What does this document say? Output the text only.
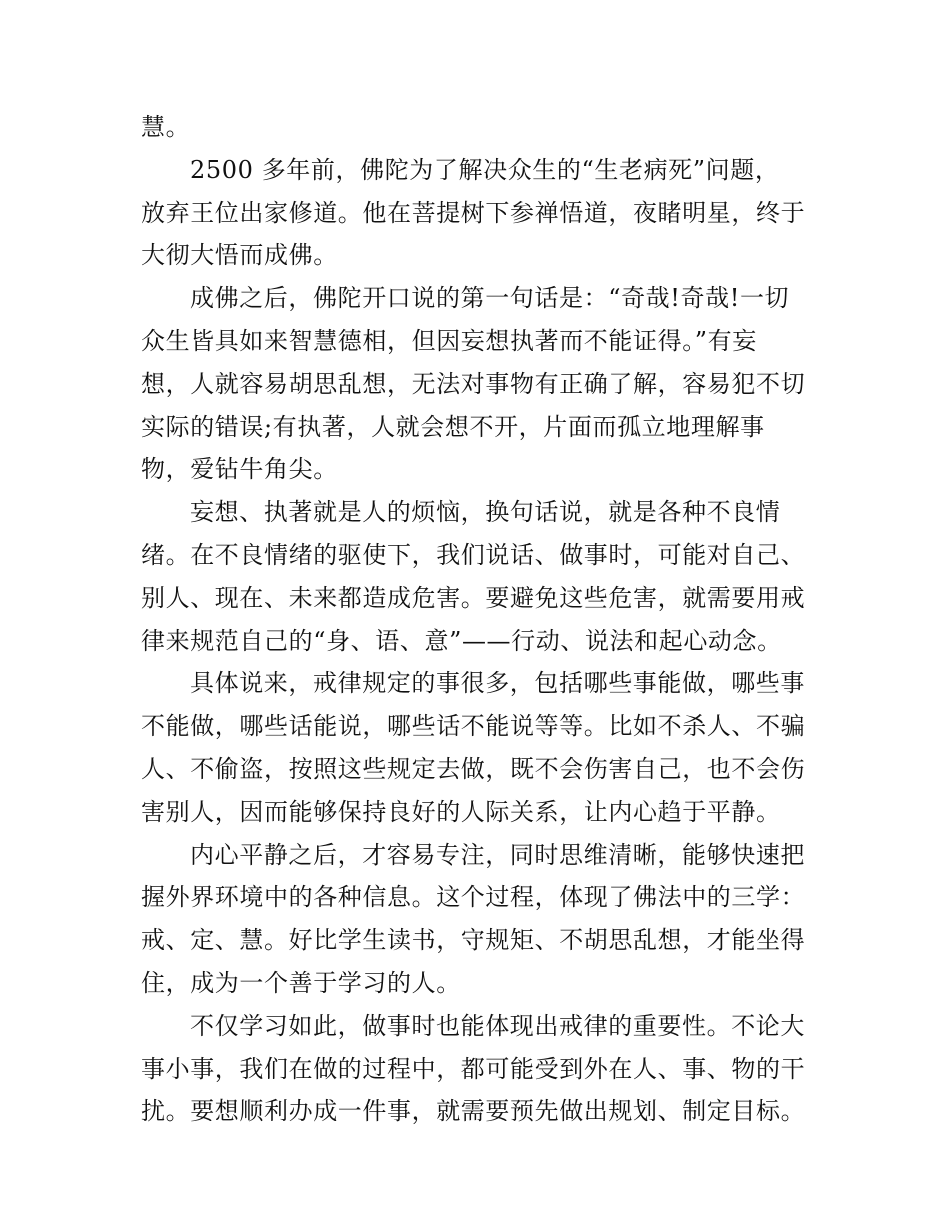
慧。
2500 多年前，佛陀为了解决众生的“生老病死”问题，
放弃王位出家修道。他在菩提树下参禅悟道，夜睹明星，终于
大彻大悟而成佛。
成佛之后，佛陀开口说的第一句话是：“奇哉!奇哉!一切
众生皆具如来智慧德相，但因妄想执著而不能证得。”有妄
想，人就容易胡思乱想，无法对事物有正确了解，容易犯不切
实际的错误;有执著，人就会想不开，片面而孤立地理解事
物，爱钻牛角尖。
妄想、执著就是人的烦恼，换句话说，就是各种不良情
绪。在不良情绪的驱使下，我们说话、做事时，可能对自己、
别人、现在、未来都造成危害。要避免这些危害，就需要用戒
律来规范自己的“身、语、意”——行动、说法和起心动念。
具体说来，戒律规定的事很多，包括哪些事能做，哪些事
不能做，哪些话能说，哪些话不能说等等。比如不杀人、不骗
人、不偷盗，按照这些规定去做，既不会伤害自己，也不会伤
害别人，因而能够保持良好的人际关系，让内心趋于平静。
内心平静之后，才容易专注，同时思维清晰，能够快速把
握外界环境中的各种信息。这个过程，体现了佛法中的三学：
戒、定、慧。好比学生读书，守规矩、不胡思乱想，才能坐得
住，成为一个善于学习的人。
不仅学习如此，做事时也能体现出戒律的重要性。不论大
事小事，我们在做的过程中，都可能受到外在人、事、物的干
扰。要想顺利办成一件事，就需要预先做出规划、制定目标。
